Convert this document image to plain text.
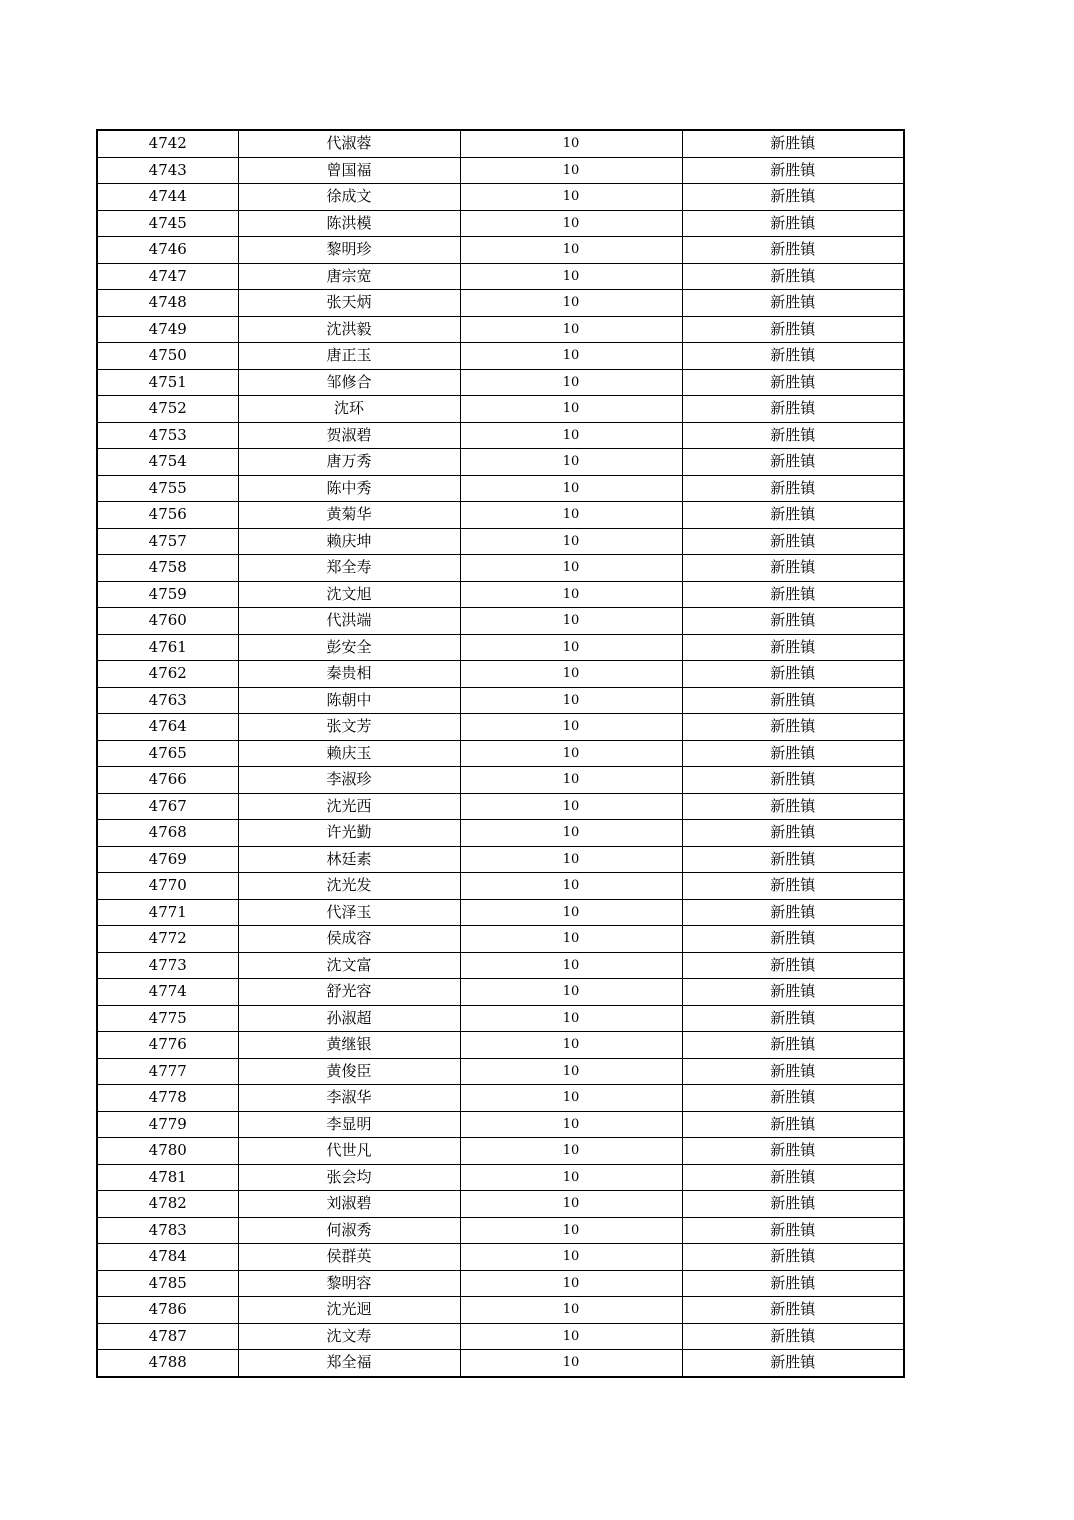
4742	代淑蓉	10	新胜镇
4743	曾国福	10	新胜镇
4744	徐成文	10	新胜镇
4745	陈洪模	10	新胜镇
4746	黎明珍	10	新胜镇
4747	唐宗宽	10	新胜镇
4748	张天炳	10	新胜镇
4749	沈洪毅	10	新胜镇
4750	唐正玉	10	新胜镇
4751	邹修合	10	新胜镇
4752	沈环	10	新胜镇
4753	贺淑碧	10	新胜镇
4754	唐万秀	10	新胜镇
4755	陈中秀	10	新胜镇
4756	黄菊华	10	新胜镇
4757	赖庆坤	10	新胜镇
4758	郑全寿	10	新胜镇
4759	沈文旭	10	新胜镇
4760	代洪端	10	新胜镇
4761	彭安全	10	新胜镇
4762	秦贵相	10	新胜镇
4763	陈朝中	10	新胜镇
4764	张文芳	10	新胜镇
4765	赖庆玉	10	新胜镇
4766	李淑珍	10	新胜镇
4767	沈光西	10	新胜镇
4768	许光勤	10	新胜镇
4769	林廷素	10	新胜镇
4770	沈光发	10	新胜镇
4771	代泽玉	10	新胜镇
4772	侯成容	10	新胜镇
4773	沈文富	10	新胜镇
4774	舒光容	10	新胜镇
4775	孙淑超	10	新胜镇
4776	黄继银	10	新胜镇
4777	黄俊臣	10	新胜镇
4778	李淑华	10	新胜镇
4779	李显明	10	新胜镇
4780	代世凡	10	新胜镇
4781	张会均	10	新胜镇
4782	刘淑碧	10	新胜镇
4783	何淑秀	10	新胜镇
4784	侯群英	10	新胜镇
4785	黎明容	10	新胜镇
4786	沈光迥	10	新胜镇
4787	沈文寿	10	新胜镇
4788	郑全福	10	新胜镇
